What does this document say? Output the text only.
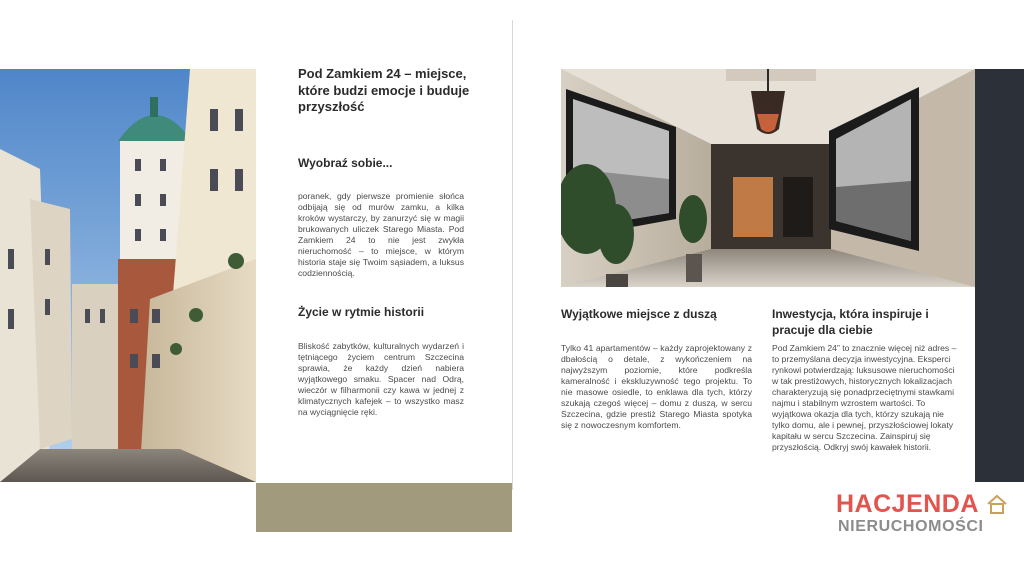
Pod Zamkiem 24 – miejsce, które budzi emocje i buduje przyszłość
Wyobraź sobie...

poranek, gdy pierwsze promienie słońca odbijają się od murów zamku, a kilka kroków wystarczy, by zanurzyć się w magii brukowanych uliczek Starego Miasta. Pod Zamkiem 24 to nie jest zwykła nieruchomość – to miejsce, w którym historia staje się Twoim sąsiadem, a luksus codziennością.

Życie w rytmie historii

Bliskość zabytków, kulturalnych wydarzeń i tętniącego życiem centrum Szczecina sprawia, że każdy dzień nabiera wyjątkowego smaku. Spacer nad Odrą, wieczór w filharmonii czy kawa w jednej z klimatycznych kafejek – to wszystko masz na wyciągnięcie ręki.

Wyjątkowe miejsce z duszą

Tylko 41 apartamentów – każdy zaprojektowany z dbałością o detale, z wykończeniem na najwyższym poziomie, które podkreśla kameralność i ekskluzywność tego projektu. To nie masowe osiedle, to enklawa dla tych, którzy szukają czegoś więcej – domu z duszą, w sercu Szczecina, gdzie prestiż Starego Miasta spotyka się z nowoczesnym komfortem.

Inwestycja, która inspiruje i pracuje dla ciebie

Pod Zamkiem 24” to znacznie więcej niż adres – to przemyślana decyzja inwestycyjna. Eksperci rynkowi potwierdzają: luksusowe nieruchomości w tak prestiżowych, historycznych lokalizacjach charakteryzują się ponadprzeciętnymi stawkami najmu i stabilnym wzrostem wartości. To wyjątkowa okazja dla tych, którzy szukają nie tylko domu, ale i pewnej, przyszłościowej lokaty kapitału w sercu Szczecina. Zainspiruj się przyszłością. Odkryj swój kawałek historii.

HACJENDA
NIERUCHOMOŚCI
